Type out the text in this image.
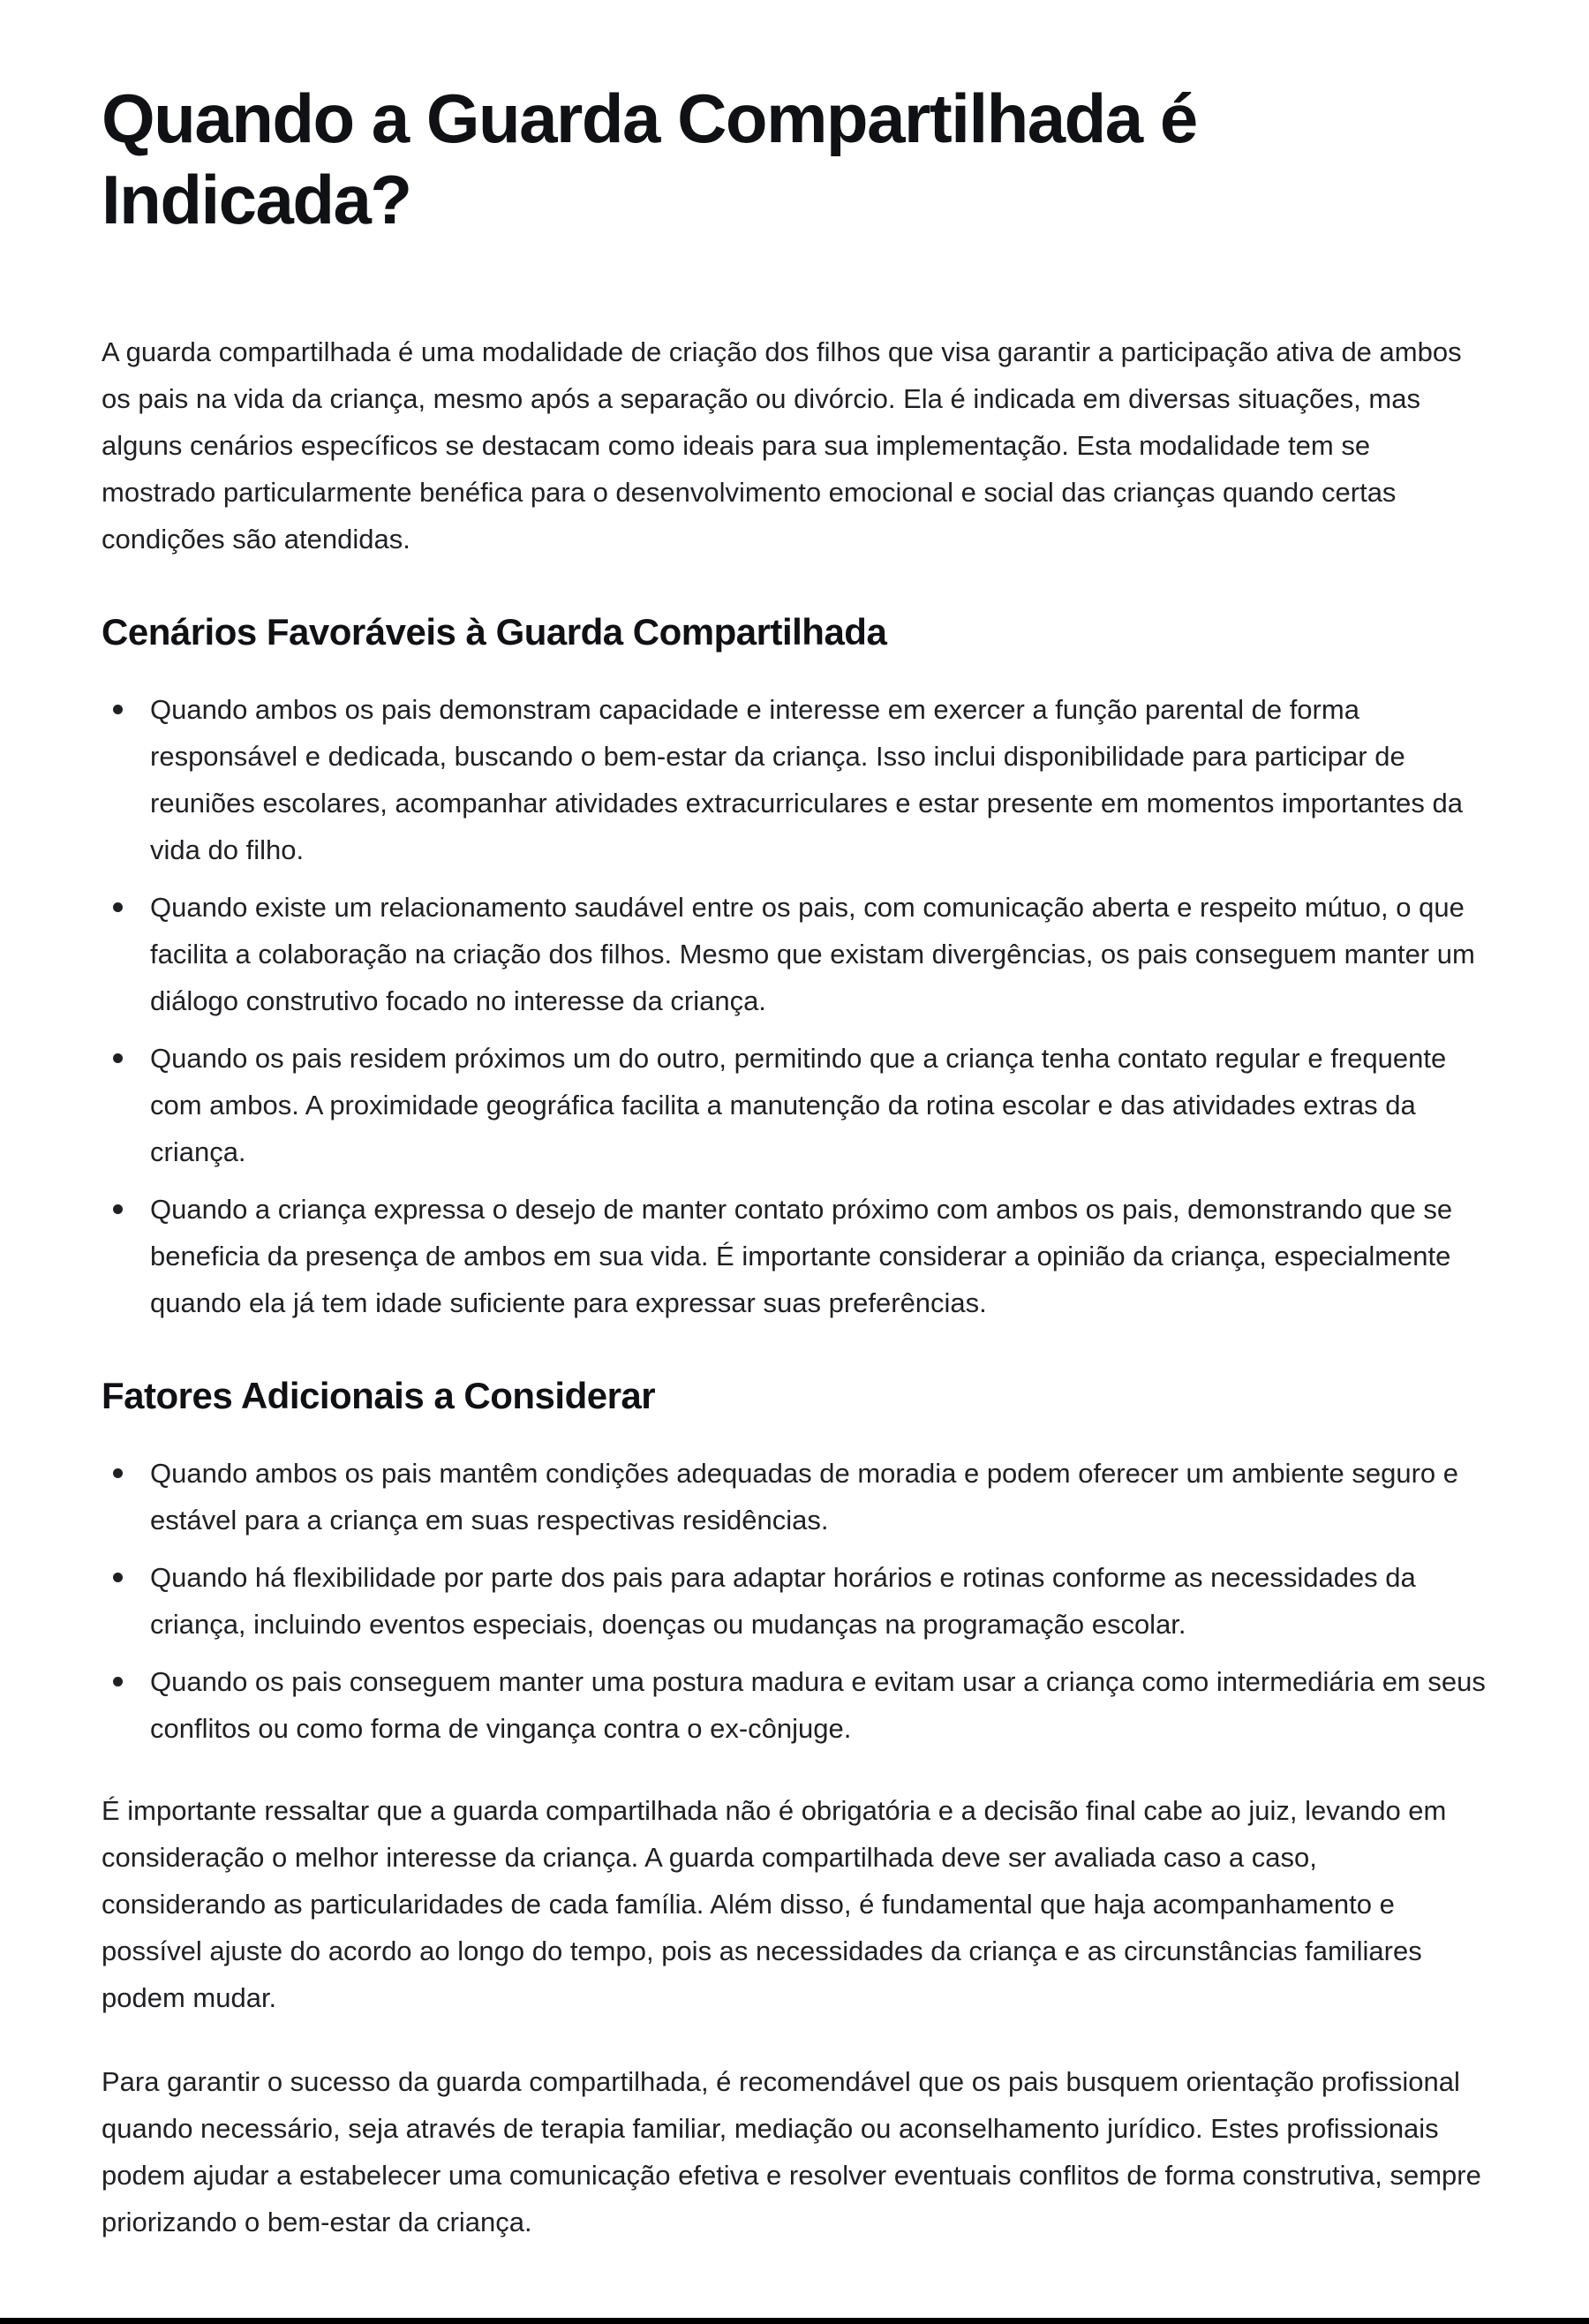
Quando a Guarda Compartilhada é Indicada?

A guarda compartilhada é uma modalidade de criação dos filhos que visa garantir a participação ativa de ambos os pais na vida da criança, mesmo após a separação ou divórcio. Ela é indicada em diversas situações, mas alguns cenários específicos se destacam como ideais para sua implementação. Esta modalidade tem se mostrado particularmente benéfica para o desenvolvimento emocional e social das crianças quando certas condições são atendidas.

Cenários Favoráveis à Guarda Compartilhada
Quando ambos os pais demonstram capacidade e interesse em exercer a função parental de forma responsável e dedicada, buscando o bem-estar da criança. Isso inclui disponibilidade para participar de reuniões escolares, acompanhar atividades extracurriculares e estar presente em momentos importantes da vida do filho.
Quando existe um relacionamento saudável entre os pais, com comunicação aberta e respeito mútuo, o que facilita a colaboração na criação dos filhos. Mesmo que existam divergências, os pais conseguem manter um diálogo construtivo focado no interesse da criança.
Quando os pais residem próximos um do outro, permitindo que a criança tenha contato regular e frequente com ambos. A proximidade geográfica facilita a manutenção da rotina escolar e das atividades extras da criança.
Quando a criança expressa o desejo de manter contato próximo com ambos os pais, demonstrando que se beneficia da presença de ambos em sua vida. É importante considerar a opinião da criança, especialmente quando ela já tem idade suficiente para expressar suas preferências.
Fatores Adicionais a Considerar
Quando ambos os pais mantêm condições adequadas de moradia e podem oferecer um ambiente seguro e estável para a criança em suas respectivas residências.
Quando há flexibilidade por parte dos pais para adaptar horários e rotinas conforme as necessidades da criança, incluindo eventos especiais, doenças ou mudanças na programação escolar.
Quando os pais conseguem manter uma postura madura e evitam usar a criança como intermediária em seus conflitos ou como forma de vingança contra o ex-cônjuge.

É importante ressaltar que a guarda compartilhada não é obrigatória e a decisão final cabe ao juiz, levando em consideração o melhor interesse da criança. A guarda compartilhada deve ser avaliada caso a caso, considerando as particularidades de cada família. Além disso, é fundamental que haja acompanhamento e possível ajuste do acordo ao longo do tempo, pois as necessidades da criança e as circunstâncias familiares podem mudar.

Para garantir o sucesso da guarda compartilhada, é recomendável que os pais busquem orientação profissional quando necessário, seja através de terapia familiar, mediação ou aconselhamento jurídico. Estes profissionais podem ajudar a estabelecer uma comunicação efetiva e resolver eventuais conflitos de forma construtiva, sempre priorizando o bem-estar da criança.
